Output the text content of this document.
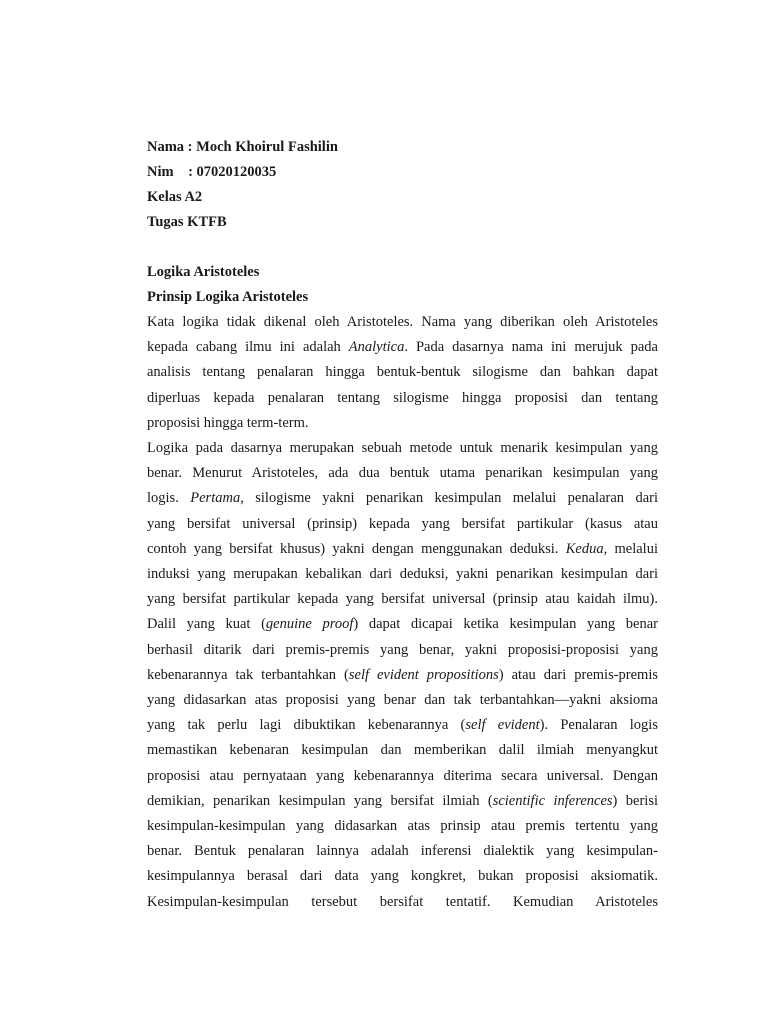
Nama : Moch Khoirul Fashilin
Nim    : 07020120035
Kelas A2
Tugas KTFB
Logika Aristoteles
Prinsip Logika Aristoteles
Kata logika tidak dikenal oleh Aristoteles. Nama yang diberikan oleh Aristoteles
kepada cabang ilmu ini adalah Analytica. Pada dasarnya nama ini merujuk pada
analisis tentang penalaran hingga bentuk-bentuk silogisme dan bahkan dapat
diperluas kepada penalaran tentang silogisme hingga proposisi dan tentang
proposisi hingga term-term.
Logika pada dasarnya merupakan sebuah metode untuk menarik kesimpulan yang
benar. Menurut Aristoteles, ada dua bentuk utama penarikan kesimpulan yang
logis. Pertama, silogisme yakni penarikan kesimpulan melalui penalaran dari
yang bersifat universal (prinsip) kepada yang bersifat partikular (kasus atau
contoh yang bersifat khusus) yakni dengan menggunakan deduksi. Kedua, melalui
induksi yang merupakan kebalikan dari deduksi, yakni penarikan kesimpulan dari
yang bersifat partikular kepada yang bersifat universal (prinsip atau kaidah ilmu).
Dalil yang kuat (genuine proof) dapat dicapai ketika kesimpulan yang benar
berhasil ditarik dari premis-premis yang benar, yakni proposisi-proposisi yang
kebenarannya tak terbantahkan (self evident propositions) atau dari premis-premis
yang didasarkan atas proposisi yang benar dan tak terbantahkan—yakni aksioma
yang tak perlu lagi dibuktikan kebenarannya (self evident). Penalaran logis
memastikan kebenaran kesimpulan dan memberikan dalil ilmiah menyangkut
proposisi atau pernyataan yang kebenarannya diterima secara universal. Dengan
demikian, penarikan kesimpulan yang bersifat ilmiah (scientific inferences) berisi
kesimpulan-kesimpulan yang didasarkan atas prinsip atau premis tertentu yang
benar. Bentuk penalaran lainnya adalah inferensi dialektik yang kesimpulan-
kesimpulannya berasal dari data yang kongkret, bukan proposisi aksiomatik.
Kesimpulan-kesimpulan tersebut bersifat tentatif. Kemudian Aristoteles
